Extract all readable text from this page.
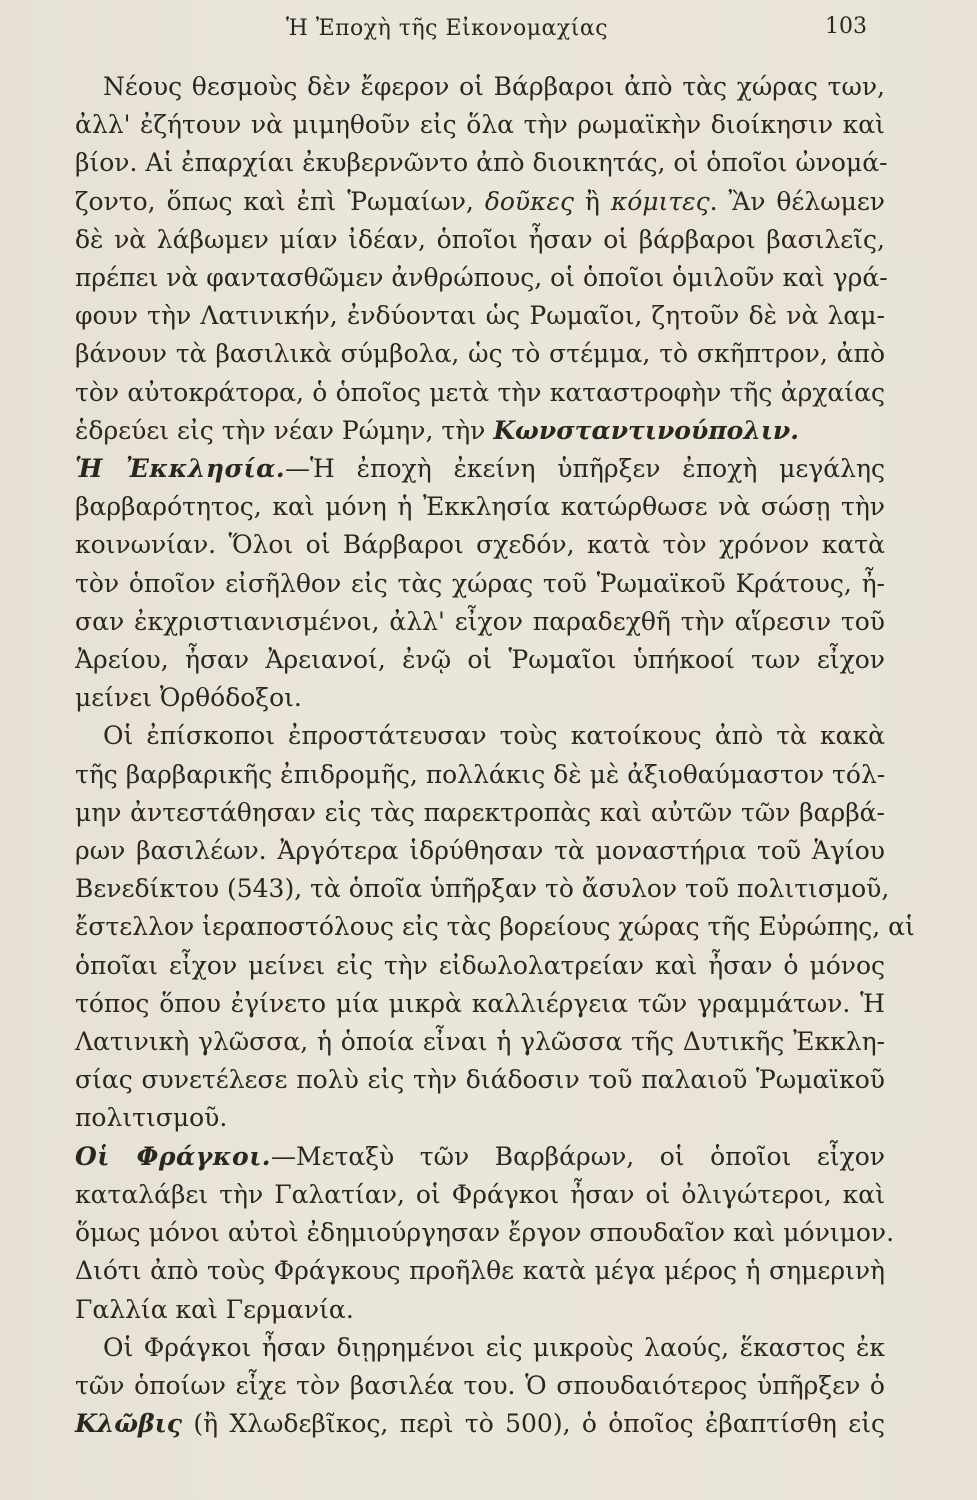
Ἡ Ἐποχὴ τῆς Εἰκονομαχίας	103
Νέους θεσμοὺς δὲν ἔφερον οἱ Βάρβαροι ἀπὸ τὰς χώρας των,
ἀλλ' ἐζήτουν νὰ μιμηθοῦν εἰς ὅλα τὴν ρωμαϊκὴν διοίκησιν καὶ
βίον. Αἱ ἐπαρχίαι ἐκυβερνῶντο ἀπὸ διοικητάς, οἱ ὁποῖοι ὠνομά-
ζοντο, ὅπως καὶ ἐπὶ Ῥωμαίων, δοῦκες ἢ κόμιτες. Ἂν θέλωμεν
δὲ νὰ λάβωμεν μίαν ἰδέαν, ὁποῖοι ἦσαν οἱ βάρβαροι βασιλεῖς,
πρέπει νὰ φαντασθῶμεν ἀνθρώπους, οἱ ὁποῖοι ὁμιλοῦν καὶ γρά-
φουν τὴν Λατινικήν, ἐνδύονται ὡς Ρωμαῖοι, ζητοῦν δὲ νὰ λαμ-
βάνουν τὰ βασιλικὰ σύμβολα, ὡς τὸ στέμμα, τὸ σκῆπτρον, ἀπὸ
τὸν αὐτοκράτορα, ὁ ὁποῖος μετὰ τὴν καταστροφὴν τῆς ἀρχαίας
ἑδρεύει εἰς τὴν νέαν Ρώμην, τὴν Κωνσταντινούπολιν.
Ἡ Ἐκκλησία.—Ἡ ἐποχὴ ἐκείνη ὑπῆρξεν ἐποχὴ μεγάλης
βαρβαρότητος, καὶ μόνη ἡ Ἐκκλησία κατώρθωσε νὰ σώσῃ τὴν
κοινωνίαν. Ὅλοι οἱ Βάρβαροι σχεδόν, κατὰ τὸν χρόνον κατὰ
τὸν ὁποῖον εἰσῆλθον εἰς τὰς χώρας τοῦ Ῥωμαϊκοῦ Κράτους, ἦ-
σαν ἐκχριστιανισμένοι, ἀλλ' εἶχον παραδεχθῆ τὴν αἵρεσιν τοῦ
Ἀρείου, ἦσαν Ἀρειανοί, ἐνῷ οἱ Ῥωμαῖοι ὑπήκοοί των εἶχον
μείνει Ὀρθόδοξοι.
Οἱ ἐπίσκοποι ἐπροστάτευσαν τοὺς κατοίκους ἀπὸ τὰ κακὰ
τῆς βαρβαρικῆς ἐπιδρομῆς, πολλάκις δὲ μὲ ἀξιοθαύμαστον τόλ-
μην ἀντεστάθησαν εἰς τὰς παρεκτροπὰς καὶ αὐτῶν τῶν βαρβά-
ρων βασιλέων. Ἀργότερα ἱδρύθησαν τὰ μοναστήρια τοῦ Ἁγίου
Βενεδίκτου (543), τὰ ὁποῖα ὑπῆρξαν τὸ ἄσυλον τοῦ πολιτισμοῦ,
ἔστελλον ἱεραποστόλους εἰς τὰς βορείους χώρας τῆς Εὐρώπης, αἱ
ὁποῖαι εἶχον μείνει εἰς τὴν εἰδωλολατρείαν καὶ ἦσαν ὁ μόνος
τόπος ὅπου ἐγίνετο μία μικρὰ καλλιέργεια τῶν γραμμάτων. Ἡ
Λατινικὴ γλῶσσα, ἡ ὁποία εἶναι ἡ γλῶσσα τῆς Δυτικῆς Ἐκκλη-
σίας συνετέλεσε πολὺ εἰς τὴν διάδοσιν τοῦ παλαιοῦ Ῥωμαϊκοῦ
πολιτισμοῦ.
Οἱ Φράγκοι.—Μεταξὺ τῶν Βαρβάρων, οἱ ὁποῖοι εἶχον
καταλάβει τὴν Γαλατίαν, οἱ Φράγκοι ἦσαν οἱ ὀλιγώτεροι, καὶ
ὅμως μόνοι αὐτοὶ ἐδημιούργησαν ἔργον σπουδαῖον καὶ μόνιμον.
Διότι ἀπὸ τοὺς Φράγκους προῆλθε κατὰ μέγα μέρος ἡ σημερινὴ
Γαλλία καὶ Γερμανία.
Οἱ Φράγκοι ἦσαν διῃρημένοι εἰς μικροὺς λαούς, ἕκαστος ἐκ
τῶν ὁποίων εἶχε τὸν βασιλέα του. Ὁ σπουδαιότερος ὑπῆρξεν ὁ
Κλῶβις (ἢ Χλωδεβῖκος, περὶ τὸ 500), ὁ ὁποῖος ἐβαπτίσθη εἰς
